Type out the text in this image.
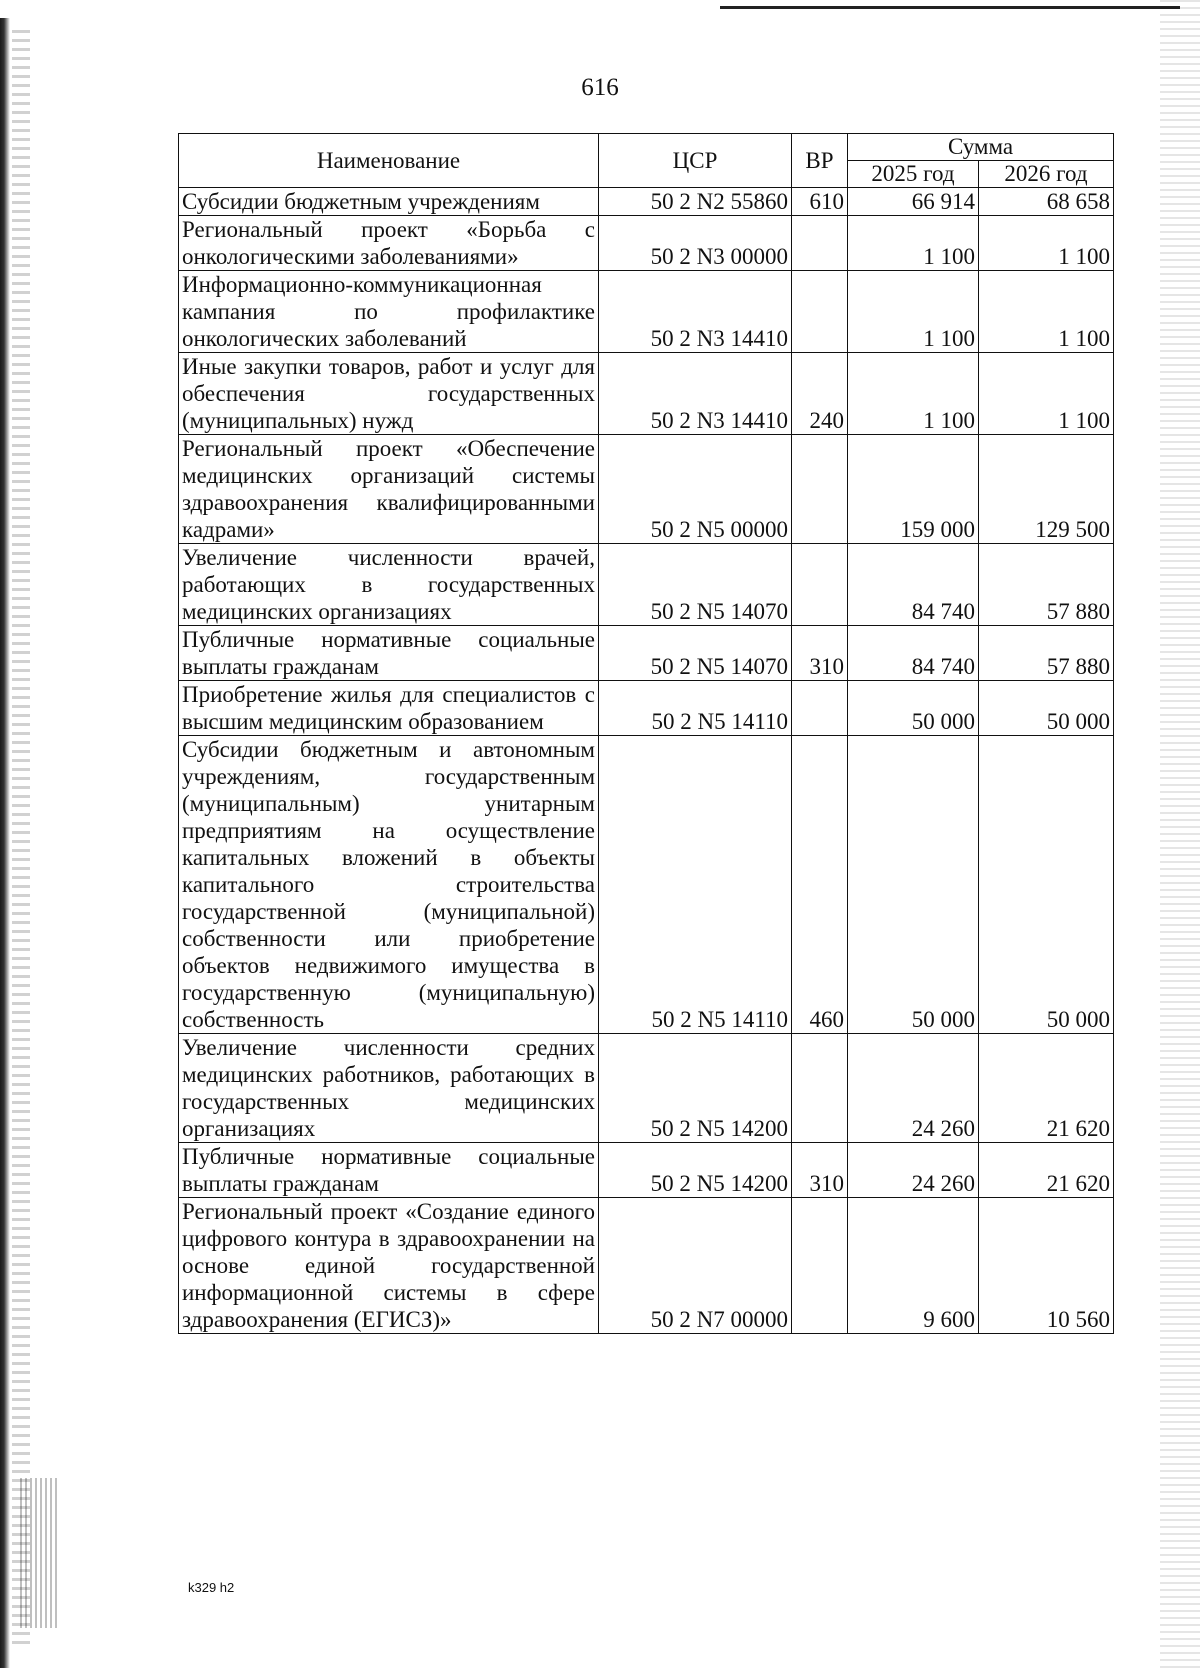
616
Наименование	ЦСР	ВР	Сумма	
			2025 год	2026 год
Субсидии бюджетным учреждениям	50 2 N2 55860	610	66 914	68 658
Региональный проект «Борьба с онкологическими заболеваниями»	50 2 N3 00000		1 100	1 100
Информационно-коммуникационная кампания по профилактике онкологических заболеваний	50 2 N3 14410		1 100	1 100
Иные закупки товаров, работ и услуг для обеспечения государственных (муниципальных) нужд	50 2 N3 14410	240	1 100	1 100
Региональный проект «Обеспечение медицинских организаций системы здравоохранения квалифицированными кадрами»	50 2 N5 00000		159 000	129 500
Увеличение численности врачей, работающих в государственных медицинских организациях	50 2 N5 14070		84 740	57 880
Публичные нормативные социальные выплаты гражданам	50 2 N5 14070	310	84 740	57 880
Приобретение жилья для специалистов с высшим медицинским образованием	50 2 N5 14110		50 000	50 000
Субсидии бюджетным и автономным учреждениям, государственным (муниципальным) унитарным предприятиям на осуществление капитальных вложений в объекты капитального строительства государственной (муниципальной) собственности или приобретение объектов недвижимого имущества в государственную (муниципальную) собственность	50 2 N5 14110	460	50 000	50 000
Увеличение численности средних медицинских работников, работающих в государственных медицинских организациях	50 2 N5 14200		24 260	21 620
Публичные нормативные социальные выплаты гражданам	50 2 N5 14200	310	24 260	21 620
Региональный проект «Создание единого цифрового контура в здравоохранении на основе единой государственной информационной системы в сфере здравоохранения (ЕГИСЗ)»	50 2 N7 00000		9 600	10 560
k329 h2
